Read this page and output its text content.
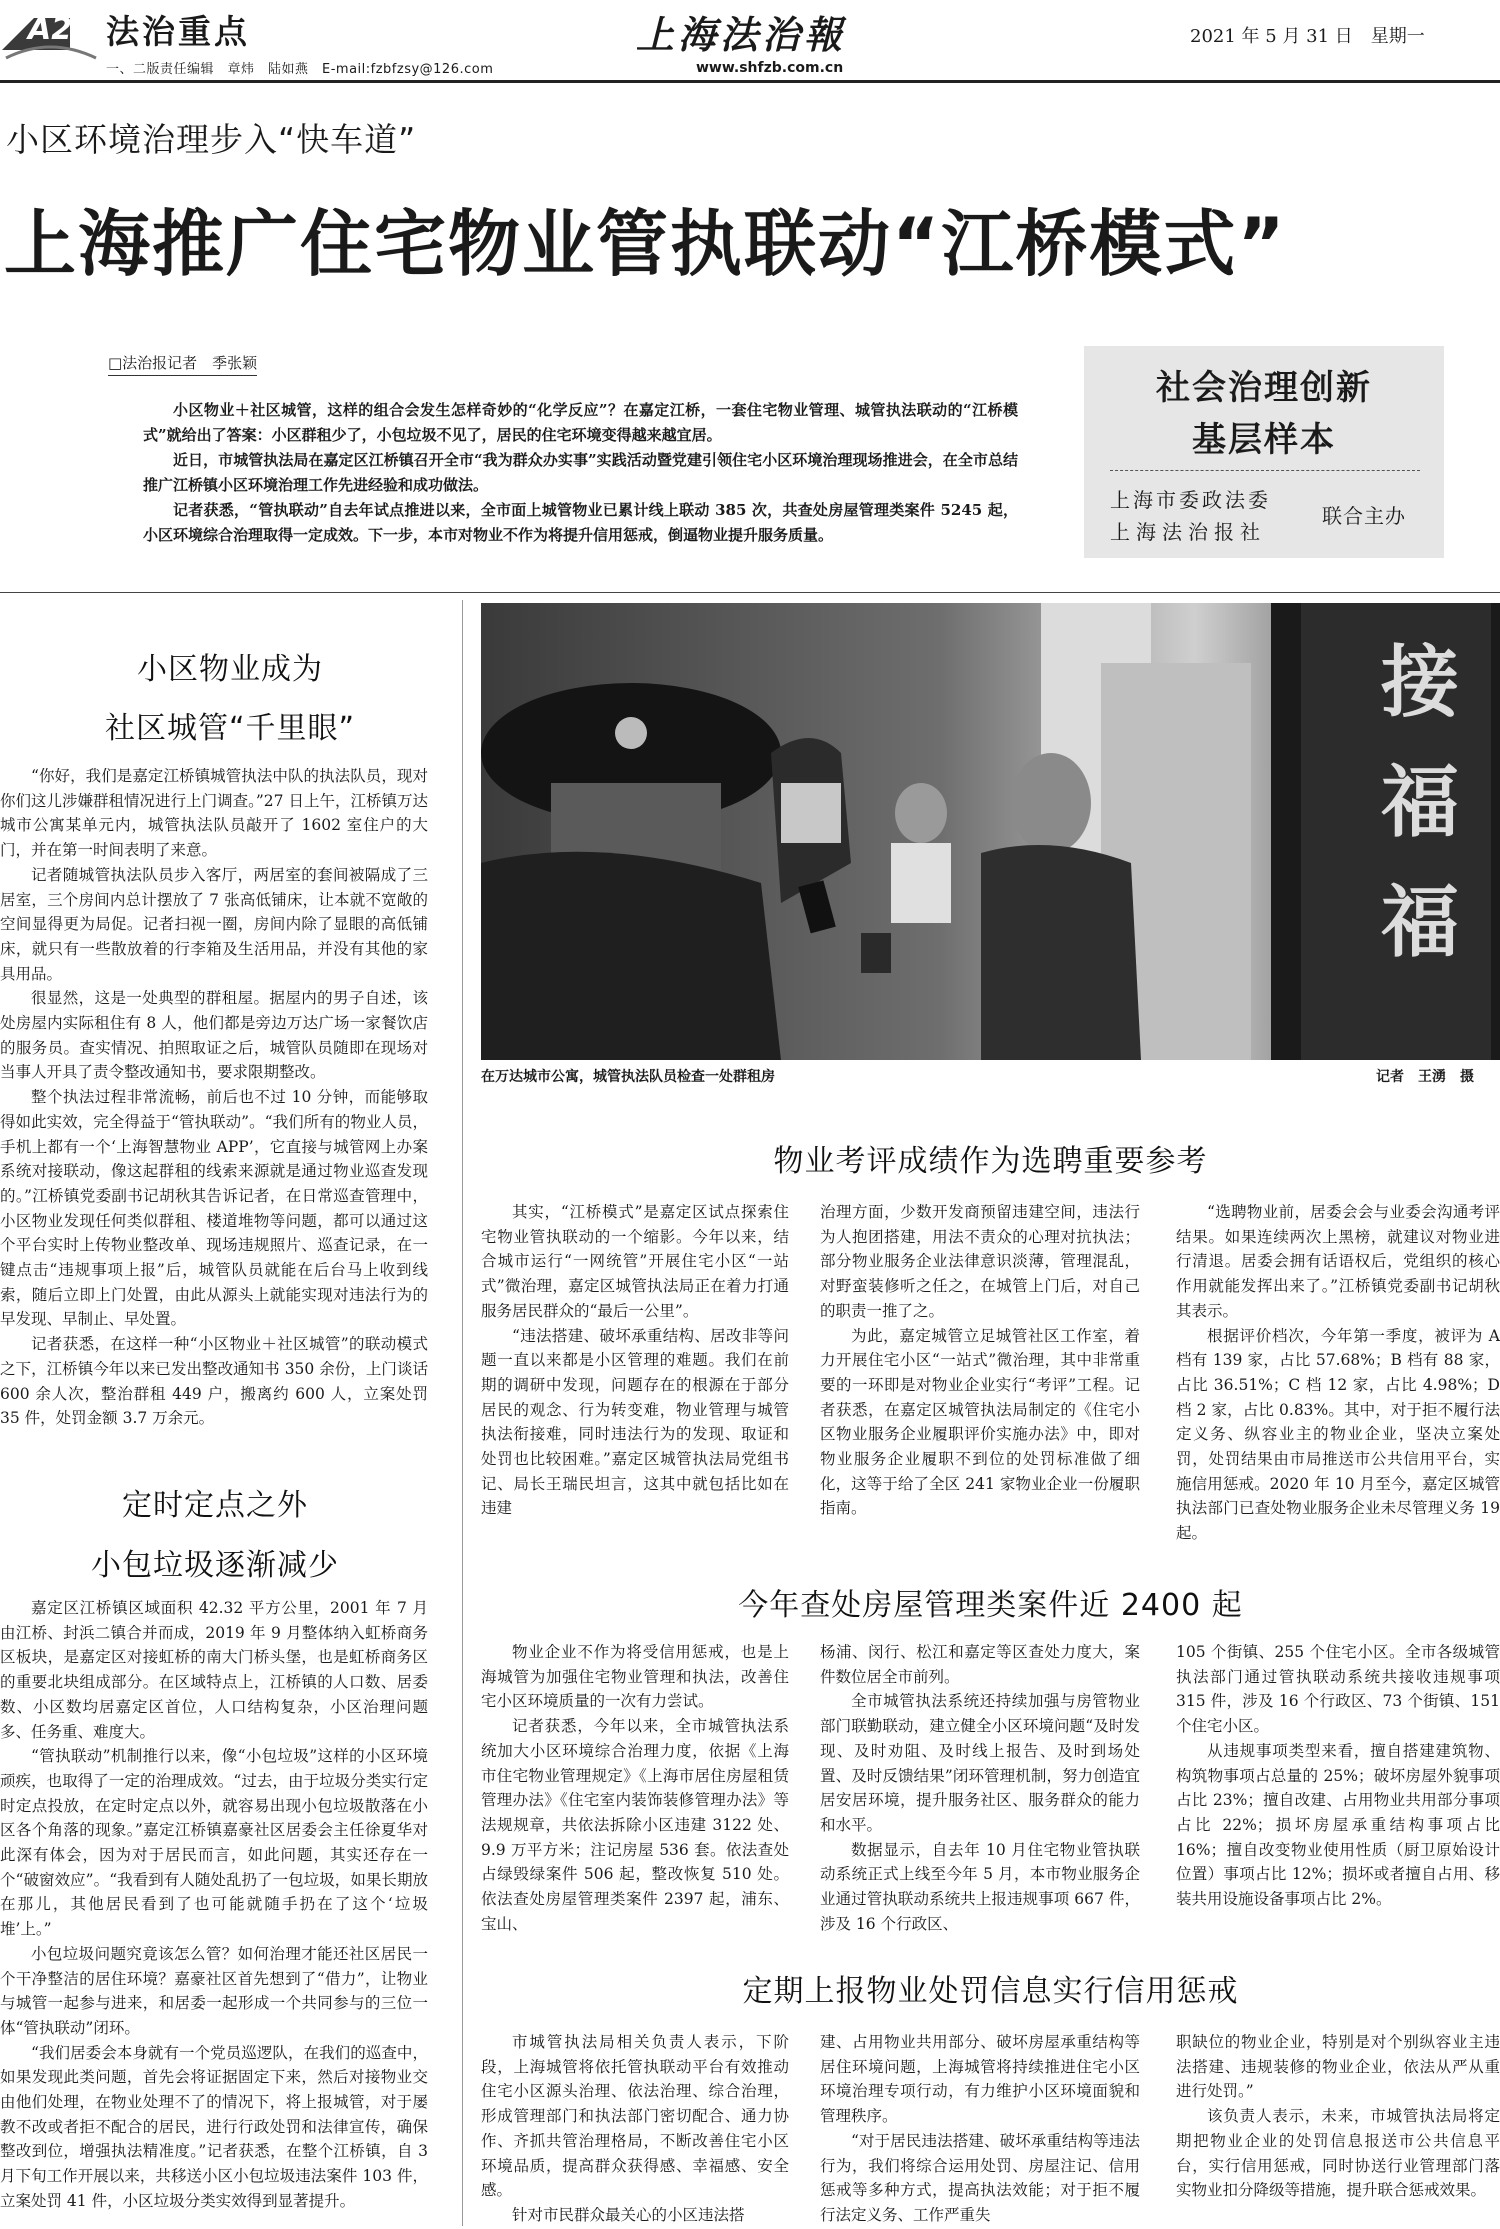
A2 法治重点
一、二版责任编辑　章炜　陆如燕　E-mail:fzbfzsy@126.com
上海法治報
www.shfzb.com.cn
2021 年 5 月 31 日　星期一
小区环境治理步入“快车道”
上海推广住宅物业管执联动“江桥模式”
□法治报记者　季张颖

小区物业＋社区城管，这样的组合会发生怎样奇妙的“化学反应”？在嘉定江桥，一套住宅物业管理、城管执法联动的“江桥模式”就给出了答案：小区群租少了，小包垃圾不见了，居民的住宅环境变得越来越宜居。

近日，市城管执法局在嘉定区江桥镇召开全市“我为群众办实事”实践活动暨党建引领住宅小区环境治理现场推进会，在全市总结推广江桥镇小区环境治理工作先进经验和成功做法。

记者获悉，“管执联动”自去年试点推进以来，全市面上城管物业已累计线上联动 385 次，共查处房屋管理类案件 5245 起，小区环境综合治理取得一定成效。下一步，本市对物业不作为将提升信用惩戒，倒逼物业提升服务质量。

社会治理创新
基层样本
上海市委政法委
上海法治报社
联合主办
小区物业成为
社区城管“千里眼”

“你好，我们是嘉定江桥镇城管执法中队的执法队员，现对你们这儿涉嫌群租情况进行上门调查。”27 日上午，江桥镇万达城市公寓某单元内，城管执法队员敲开了 1602 室住户的大门，并在第一时间表明了来意。

记者随城管执法队员步入客厅，两居室的套间被隔成了三居室，三个房间内总计摆放了 7 张高低铺床，让本就不宽敞的空间显得更为局促。记者扫视一圈，房间内除了显眼的高低铺床，就只有一些散放着的行李箱及生活用品，并没有其他的家具用品。

很显然，这是一处典型的群租屋。据屋内的男子自述，该处房屋内实际租住有 8 人，他们都是旁边万达广场一家餐饮店的服务员。查实情况、拍照取证之后，城管队员随即在现场对当事人开具了责令整改通知书，要求限期整改。

整个执法过程非常流畅，前后也不过 10 分钟，而能够取得如此实效，完全得益于“管执联动”。“我们所有的物业人员，手机上都有一个‘上海智慧物业 APP’，它直接与城管网上办案系统对接联动，像这起群租的线索来源就是通过物业巡查发现的。”江桥镇党委副书记胡秋其告诉记者，在日常巡查管理中，小区物业发现任何类似群租、楼道堆物等问题，都可以通过这个平台实时上传物业整改单、现场违规照片、巡查记录，在一键点击“违规事项上报”后，城管队员就能在后台马上收到线索，随后立即上门处置，由此从源头上就能实现对违法行为的早发现、早制止、早处置。

记者获悉，在这样一种“小区物业＋社区城管”的联动模式之下，江桥镇今年以来已发出整改通知书 350 余份，上门谈话 600 余人次，整治群租 449 户，搬离约 600 人，立案处罚 35 件，处罚金额 3.7 万余元。

定时定点之外
小包垃圾逐渐减少

嘉定区江桥镇区域面积 42.32 平方公里，2001 年 7 月由江桥、封浜二镇合并而成，2019 年 9 月整体纳入虹桥商务区板块，是嘉定区对接虹桥的南大门桥头堡，也是虹桥商务区的重要北块组成部分。在区域特点上，江桥镇的人口数、居委数、小区数均居嘉定区首位，人口结构复杂，小区治理问题多、任务重、难度大。

“管执联动”机制推行以来，像“小包垃圾”这样的小区环境顽疾，也取得了一定的治理成效。“过去，由于垃圾分类实行定时定点投放，在定时定点以外，就容易出现小包垃圾散落在小区各个角落的现象。”嘉定江桥镇嘉豪社区居委会主任徐夏华对此深有体会，因为对于居民而言，如此问题，其实还存在一个“破窗效应”。“我看到有人随处乱扔了一包垃圾，如果长期放在那儿，其他居民看到了也可能就随手扔在了这个‘垃圾堆’上。”

小包垃圾问题究竟该怎么管？如何治理才能还社区居民一个干净整洁的居住环境？嘉豪社区首先想到了“借力”，让物业与城管一起参与进来，和居委一起形成一个共同参与的三位一体“管执联动”闭环。

“我们居委会本身就有一个党员巡逻队，在我们的巡查中，如果发现此类问题，首先会将证据固定下来，然后对接物业交由他们处理，在物业处理不了的情况下，将上报城管，对于屡教不改或者拒不配合的居民，进行行政处罚和法律宣传，确保整改到位，增强执法精准度。”记者获悉，在整个江桥镇，自 3 月下旬工作开展以来，共移送小区小包垃圾违法案件 103 件，立案处罚 41 件，小区垃圾分类实效得到显著提升。

接福福
在万达城市公寓，城管执法队员检查一处群租房	记者　王湧　摄
物业考评成绩作为选聘重要参考

其实，“江桥模式”是嘉定区试点探索住宅物业管执联动的一个缩影。今年以来，结合城市运行“一网统管”开展住宅小区“一站式”微治理，嘉定区城管执法局正在着力打通服务居民群众的“最后一公里”。

“违法搭建、破坏承重结构、居改非等问题一直以来都是小区管理的难题。我们在前期的调研中发现，问题存在的根源在于部分居民的观念、行为转变难，物业管理与城管执法衔接难，同时违法行为的发现、取证和处罚也比较困难。”嘉定区城管执法局党组书记、局长王瑞民坦言，这其中就包括比如在违建

治理方面，少数开发商预留违建空间，违法行为人抱团搭建，用法不责众的心理对抗执法；部分物业服务企业法律意识淡薄，管理混乱，对野蛮装修听之任之，在城管上门后，对自己的职责一推了之。

为此，嘉定城管立足城管社区工作室，着力开展住宅小区“一站式”微治理，其中非常重要的一环即是对物业企业实行“考评”工程。记者获悉，在嘉定区城管执法局制定的《住宅小区物业服务企业履职评价实施办法》中，即对物业服务企业履职不到位的处罚标准做了细化，这等于给了全区 241 家物业企业一份履职指南。

“选聘物业前，居委会会与业委会沟通考评结果。如果连续两次上黑榜，就建议对物业进行清退。居委会拥有话语权后，党组织的核心作用就能发挥出来了。”江桥镇党委副书记胡秋其表示。

根据评价档次，今年第一季度，被评为 A 档有 139 家，占比 57.68%；B 档有 88 家，占比 36.51%；C 档 12 家，占比 4.98%；D 档 2 家，占比 0.83%。其中，对于拒不履行法定义务、纵容业主的物业企业，坚决立案处罚，处罚结果由市局推送市公共信用平台，实施信用惩戒。2020 年 10 月至今，嘉定区城管执法部门已查处物业服务企业未尽管理义务 19 起。

今年查处房屋管理类案件近 2400 起

物业企业不作为将受信用惩戒，也是上海城管为加强住宅物业管理和执法，改善住宅小区环境质量的一次有力尝试。

记者获悉，今年以来，全市城管执法系统加大小区环境综合治理力度，依据《上海市住宅物业管理规定》《上海市居住房屋租赁管理办法》《住宅室内装饰装修管理办法》等法规规章，共依法拆除小区违建 3122 处、9.9 万平方米；注记房屋 536 套。依法查处占绿毁绿案件 506 起，整改恢复 510 处。依法查处房屋管理类案件 2397 起，浦东、宝山、

杨浦、闵行、松江和嘉定等区查处力度大，案件数位居全市前列。

全市城管执法系统还持续加强与房管物业部门联勤联动，建立健全小区环境问题“及时发现、及时劝阻、及时线上报告、及时到场处置、及时反馈结果”闭环管理机制，努力创造宜居安居环境，提升服务社区、服务群众的能力和水平。

数据显示，自去年 10 月住宅物业管执联动系统正式上线至今年 5 月，本市物业服务企业通过管执联动系统共上报违规事项 667 件，涉及 16 个行政区、

105 个街镇、255 个住宅小区。全市各级城管执法部门通过管执联动系统共接收违规事项 315 件，涉及 16 个行政区、73 个街镇、151 个住宅小区。

从违规事项类型来看，擅自搭建建筑物、构筑物事项占总量的 25%；破坏房屋外貌事项占比 23%；擅自改建、占用物业共用部分事项占比 22%；损坏房屋承重结构事项占比 16%；擅自改变物业使用性质（厨卫原始设计位置）事项占比 12%；损坏或者擅自占用、移装共用设施设备事项占比 2%。

定期上报物业处罚信息实行信用惩戒

市城管执法局相关负责人表示，下阶段，上海城管将依托管执联动平台有效推动住宅小区源头治理、依法治理、综合治理，形成管理部门和执法部门密切配合、通力协作、齐抓共管治理格局，不断改善住宅小区环境品质，提高群众获得感、幸福感、安全感。

针对市民群众最关心的小区违法搭

建、占用物业共用部分、破坏房屋承重结构等居住环境问题，上海城管将持续推进住宅小区环境治理专项行动，有力维护小区环境面貌和管理秩序。

“对于居民违法搭建、破坏承重结构等违法行为，我们将综合运用处罚、房屋注记、信用惩戒等多种方式，提高执法效能；对于拒不履行法定义务、工作严重失

职缺位的物业企业，特别是对个别纵容业主违法搭建、违规装修的物业企业，依法从严从重进行处罚。”

该负责人表示，未来，市城管执法局将定期把物业企业的处罚信息报送市公共信息平台，实行信用惩戒，同时协送行业管理部门落实物业扣分降级等措施，提升联合惩戒效果。
